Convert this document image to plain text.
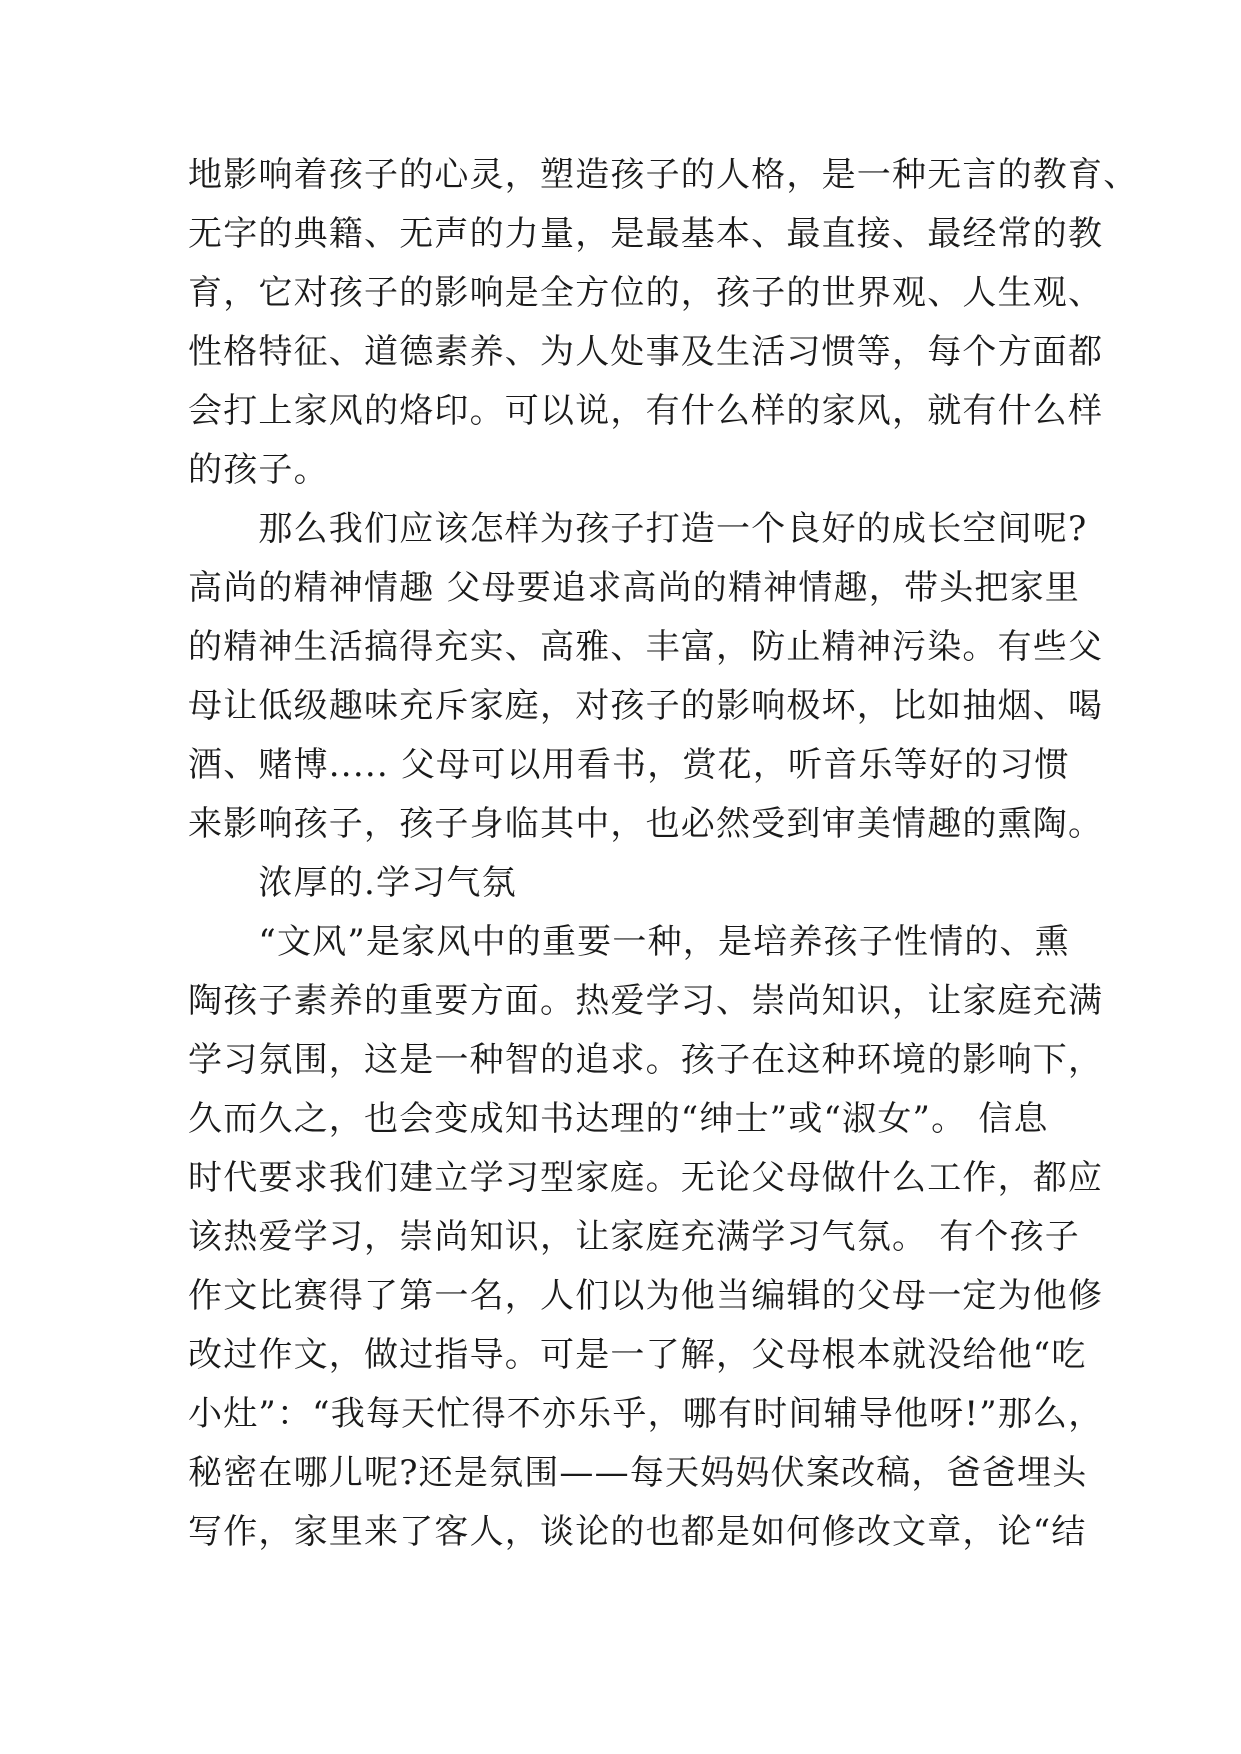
地影响着孩子的心灵，塑造孩子的人格，是一种无言的教育、
无字的典籍、无声的力量，是最基本、最直接、最经常的教
育，它对孩子的影响是全方位的，孩子的世界观、人生观、
性格特征、道德素养、为人处事及生活习惯等，每个方面都
会打上家风的烙印。可以说，有什么样的家风，就有什么样
的孩子。
　　那么我们应该怎样为孩子打造一个良好的成长空间呢?
高尚的精神情趣 父母要追求高尚的精神情趣，带头把家里
的精神生活搞得充实、高雅、丰富，防止精神污染。有些父
母让低级趣味充斥家庭，对孩子的影响极坏，比如抽烟、喝
酒、赌博..... 父母可以用看书，赏花，听音乐等好的习惯
来影响孩子，孩子身临其中，也必然受到审美情趣的熏陶。
　　浓厚的.学习气氛
　　“文风”是家风中的重要一种，是培养孩子性情的、熏
陶孩子素养的重要方面。热爱学习、崇尚知识，让家庭充满
学习氛围，这是一种智的追求。孩子在这种环境的影响下，
久而久之，也会变成知书达理的“绅士”或“淑女”。 信息
时代要求我们建立学习型家庭。无论父母做什么工作，都应
该热爱学习，崇尚知识，让家庭充满学习气氛。 有个孩子
作文比赛得了第一名，人们以为他当编辑的父母一定为他修
改过作文，做过指导。可是一了解，父母根本就没给他“吃
小灶”：“我每天忙得不亦乐乎，哪有时间辅导他呀!”那么，
秘密在哪儿呢?还是氛围——每天妈妈伏案改稿，爸爸埋头
写作，家里来了客人，谈论的也都是如何修改文章，论“结
